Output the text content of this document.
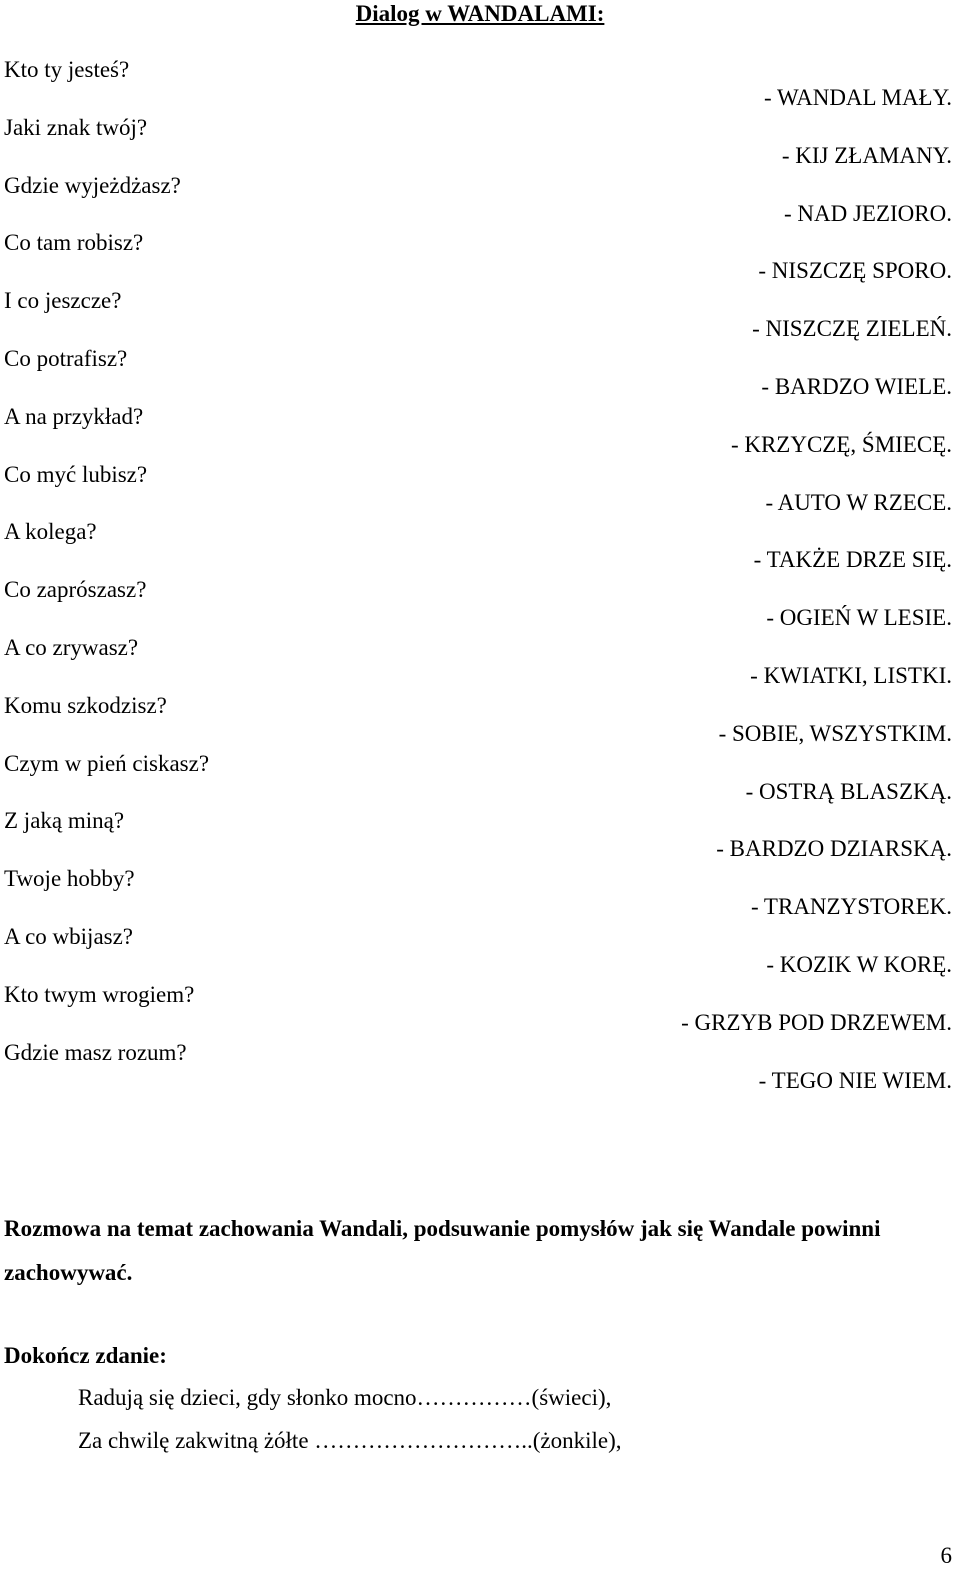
Dialog w WANDALAMI:
Kto ty jesteś?
Jaki znak twój?
Gdzie wyjeżdżasz?
Co tam robisz?
I co jeszcze?
Co potrafisz?
A na przykład?
Co myć lubisz?
A kolega?
Co zaprószasz?
A co zrywasz?
Komu szkodzisz?
Czym w pień ciskasz?
Z jaką miną?
Twoje hobby?
A co wbijasz?
Kto twym wrogiem?
Gdzie masz rozum?
- WANDAL MAŁY.
- KIJ ZŁAMANY.
- NAD JEZIORO.
- NISZCZĘ SPORO.
- NISZCZĘ ZIELEŃ.
- BARDZO WIELE.
- KRZYCZĘ, ŚMIECĘ.
- AUTO W RZECE.
- TAKŻE DRZE SIĘ.
- OGIEŃ W LESIE.
- KWIATKI, LISTKI.
- SOBIE, WSZYSTKIM.
- OSTRĄ BLASZKĄ.
- BARDZO DZIARSKĄ.
- TRANZYSTOREK.
- KOZIK W KORĘ.
- GRZYB POD DRZEWEM.
- TEGO NIE WIEM.
Rozmowa na temat zachowania Wandali, podsuwanie pomysłów jak się Wandale powinni zachowywać.
Dokończ zdanie:
Radują się dzieci, gdy słonko mocno……………(świeci),
Za chwilę zakwitną żółte ………………………..(żonkile),
6
